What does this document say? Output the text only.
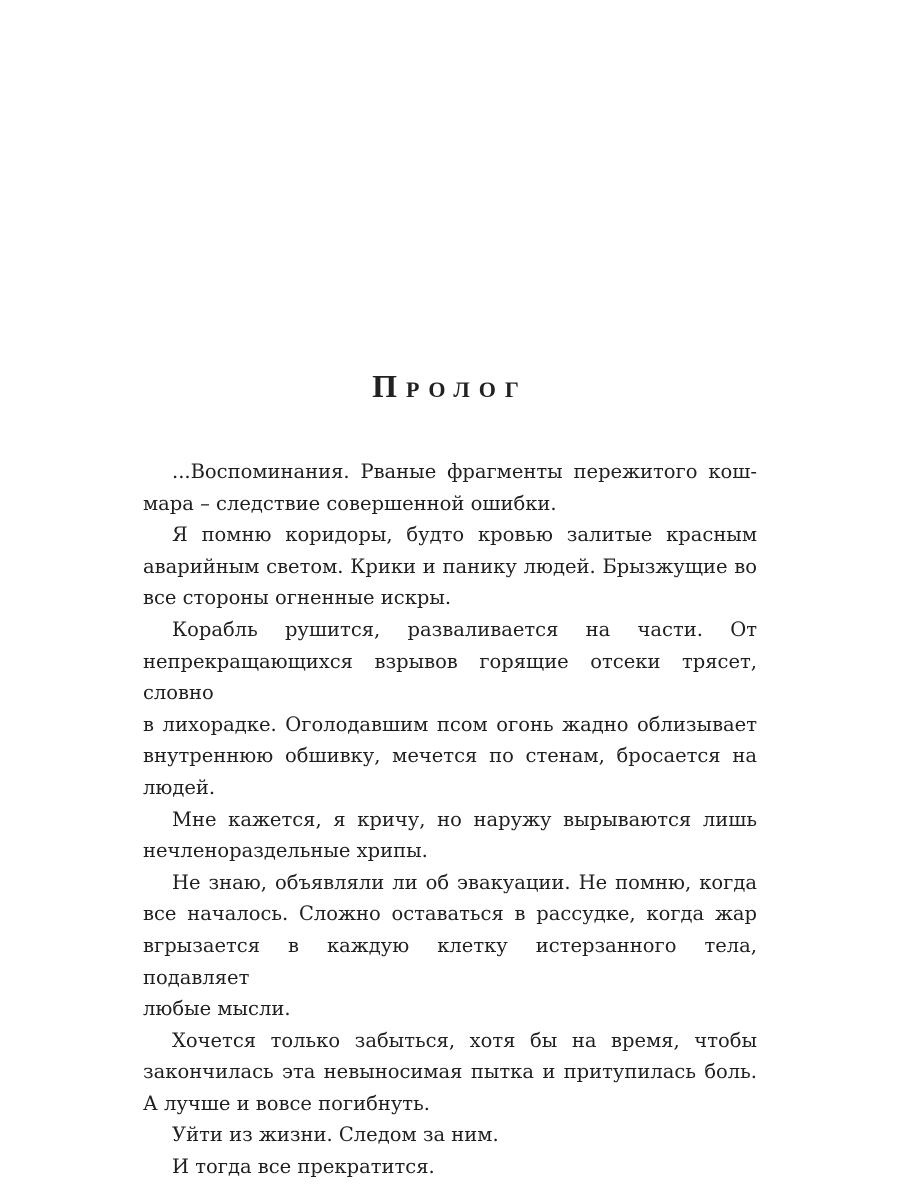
Пролог
...Воспоминания. Рваные фрагменты пережитого кош-
мара – следствие совершенной ошибки.
Я помню коридоры, будто кровью залитые красным
аварийным светом. Крики и панику людей. Брызжущие во
все стороны огненные искры.
Корабль рушится, разваливается на части. От
непрекращающихся взрывов горящие отсеки трясет, словно
в лихорадке. Оголодавшим псом огонь жадно облизывает
внутреннюю обшивку, мечется по стенам, бросается на
людей.
Мне кажется, я кричу, но наружу вырываются лишь
нечленораздельные хрипы.
Не знаю, объявляли ли об эвакуации. Не помню, когда
все началось. Сложно оставаться в рассудке, когда жар
вгрызается в каждую клетку истерзанного тела, подавляет
любые мысли.
Хочется только забыться, хотя бы на время, чтобы
закончилась эта невыносимая пытка и притупилась боль.
А лучше и вовсе погибнуть.
Уйти из жизни. Следом за ним.
И тогда все прекратится.
